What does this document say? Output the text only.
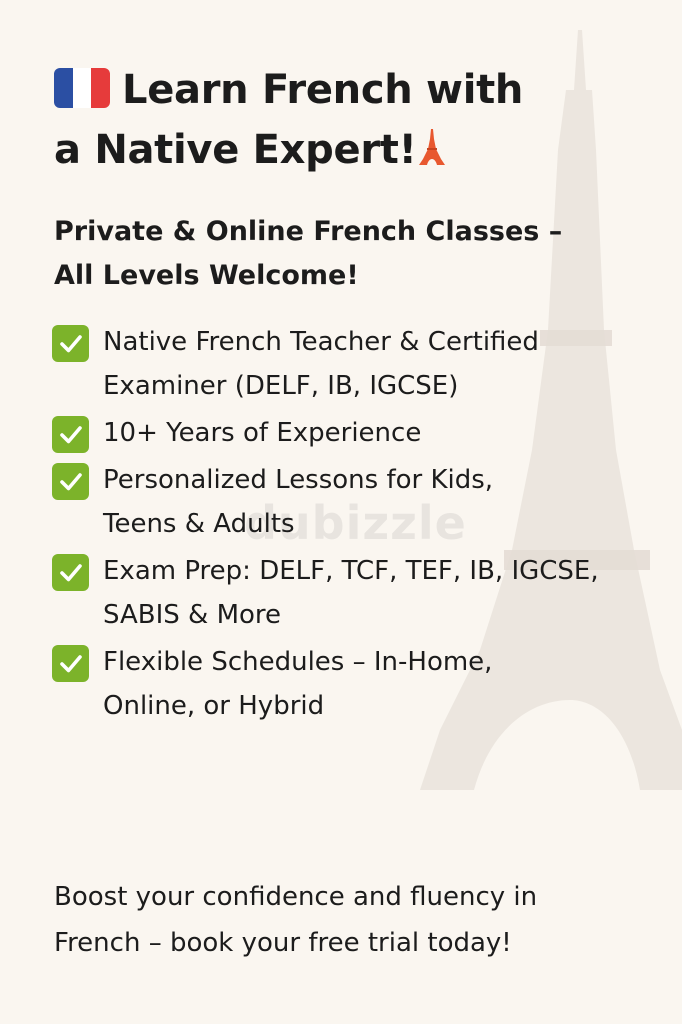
dubizzle
Learn French with
a Native Expert!
Private & Online French Classes –
All Levels Welcome!
Native French Teacher & Certified
Examiner (DELF, IB, IGCSE)
10+ Years of Experience
Personalized Lessons for Kids,
Teens & Adults
Exam Prep: DELF, TCF, TEF, IB, IGCSE,
SABIS & More
Flexible Schedules – In-Home,
Online, or Hybrid
Boost your confidence and fluency in
French – book your free trial today!
